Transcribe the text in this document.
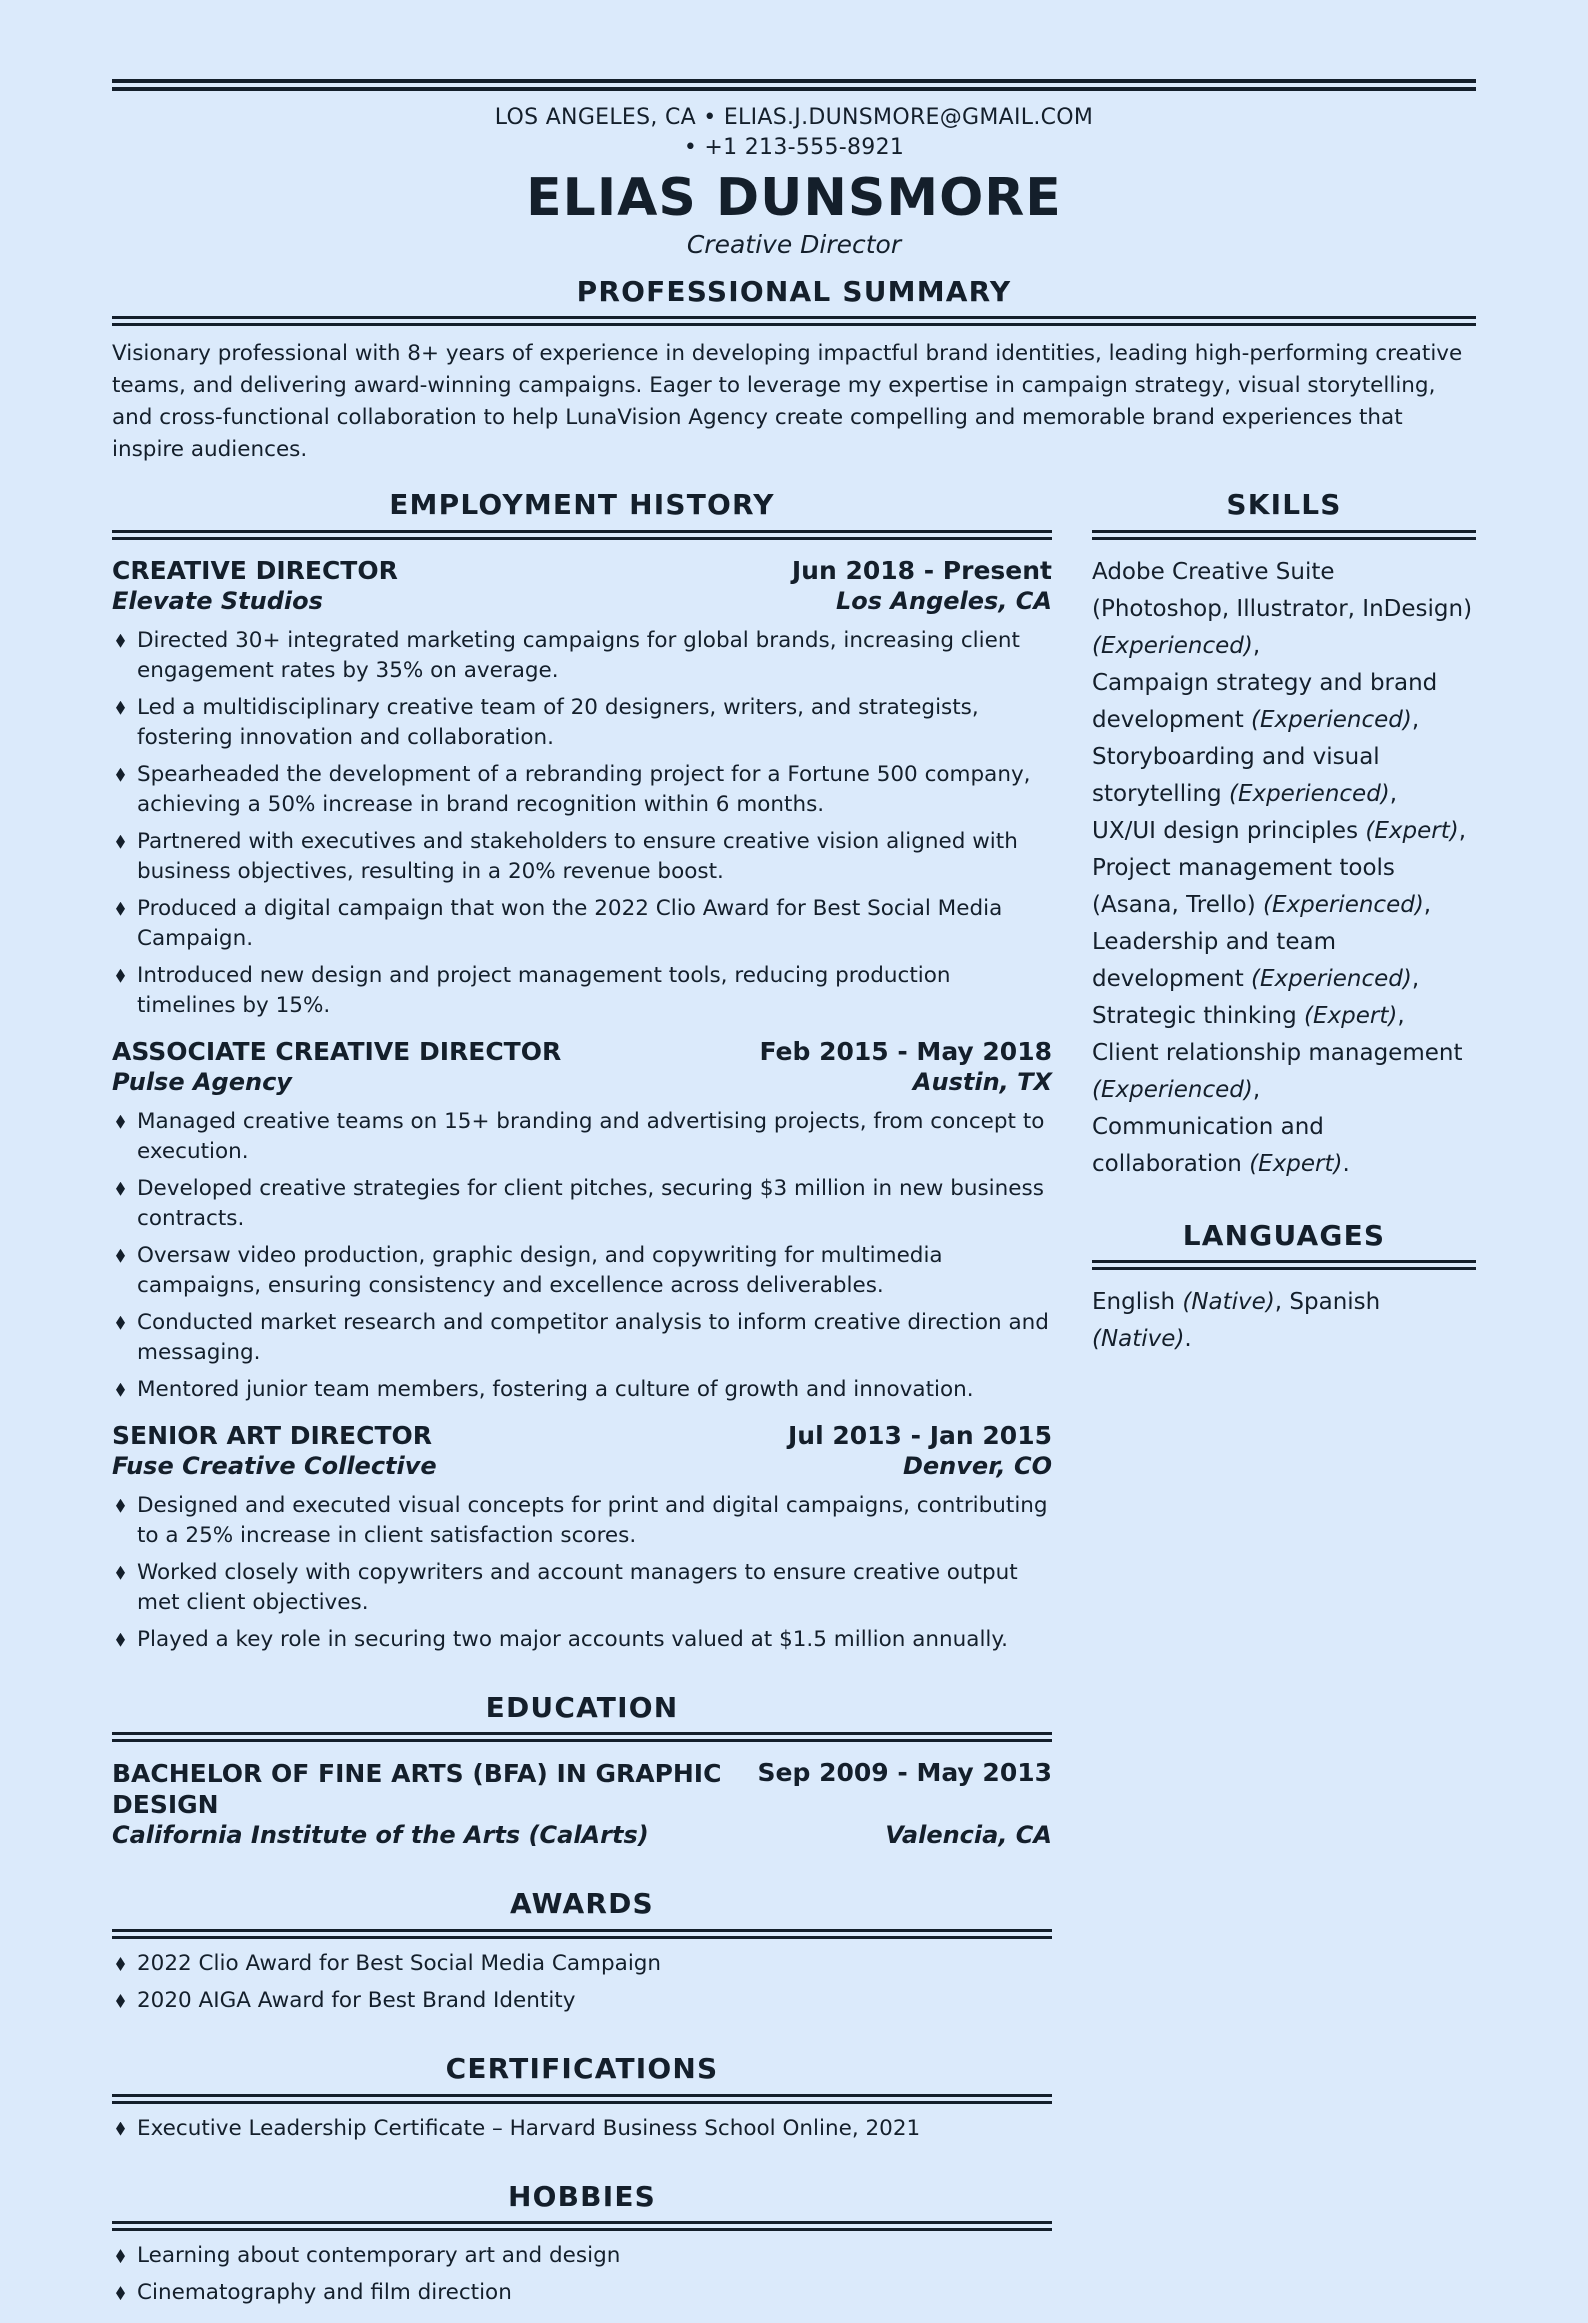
LOS ANGELES, CA • ELIAS.J.DUNSMORE@GMAIL.COM
• +1 213-555-8921
ELIAS DUNSMORE
Creative Director
PROFESSIONAL SUMMARY

Visionary professional with 8+ years of experience in developing impactful brand identities, leading high-performing creative teams, and delivering award-winning campaigns. Eager to leverage my expertise in campaign strategy, visual storytelling, and cross-functional collaboration to help LunaVision Agency create compelling and memorable brand experiences that inspire audiences.

EMPLOYMENT HISTORY
CREATIVE DIRECTOR	Jun 2018 - Present
Elevate Studios	Los Angeles, CA
Directed 30+ integrated marketing campaigns for global brands, increasing client engagement rates by 35% on average.
Led a multidisciplinary creative team of 20 designers, writers, and strategists, fostering innovation and collaboration.
Spearheaded the development of a rebranding project for a Fortune 500 company, achieving a 50% increase in brand recognition within 6 months.
Partnered with executives and stakeholders to ensure creative vision aligned with business objectives, resulting in a 20% revenue boost.
Produced a digital campaign that won the 2022 Clio Award for Best Social Media Campaign.
Introduced new design and project management tools, reducing production timelines by 15%.
ASSOCIATE CREATIVE DIRECTOR	Feb 2015 - May 2018
Pulse Agency	Austin, TX
Managed creative teams on 15+ branding and advertising projects, from concept to execution.
Developed creative strategies for client pitches, securing $3 million in new business contracts.
Oversaw video production, graphic design, and copywriting for multimedia campaigns, ensuring consistency and excellence across deliverables.
Conducted market research and competitor analysis to inform creative direction and messaging.
Mentored junior team members, fostering a culture of growth and innovation.
SENIOR ART DIRECTOR	Jul 2013 - Jan 2015
Fuse Creative Collective	Denver, CO
Designed and executed visual concepts for print and digital campaigns, contributing to a 25% increase in client satisfaction scores.
Worked closely with copywriters and account managers to ensure creative output met client objectives.
Played a key role in securing two major accounts valued at $1.5 million annually.
EDUCATION
BACHELOR OF FINE ARTS (BFA) IN GRAPHIC DESIGN
Sep 2009 - May 2013
California Institute of the Arts (CalArts)	Valencia, CA
AWARDS
2022 Clio Award for Best Social Media Campaign
2020 AIGA Award for Best Brand Identity
CERTIFICATIONS
Executive Leadership Certificate – Harvard Business School Online, 2021
HOBBIES
Learning about contemporary art and design
Cinematography and film direction
SKILLS
Adobe Creative Suite (Photoshop, Illustrator, InDesign) (Experienced),
Campaign strategy and brand development (Experienced),
Storyboarding and visual storytelling (Experienced),
UX/UI design principles (Expert),
Project management tools (Asana, Trello) (Experienced),
Leadership and team development (Experienced),
Strategic thinking (Expert),
Client relationship management (Experienced),
Communication and collaboration (Expert).
LANGUAGES
English (Native), Spanish (Native).
